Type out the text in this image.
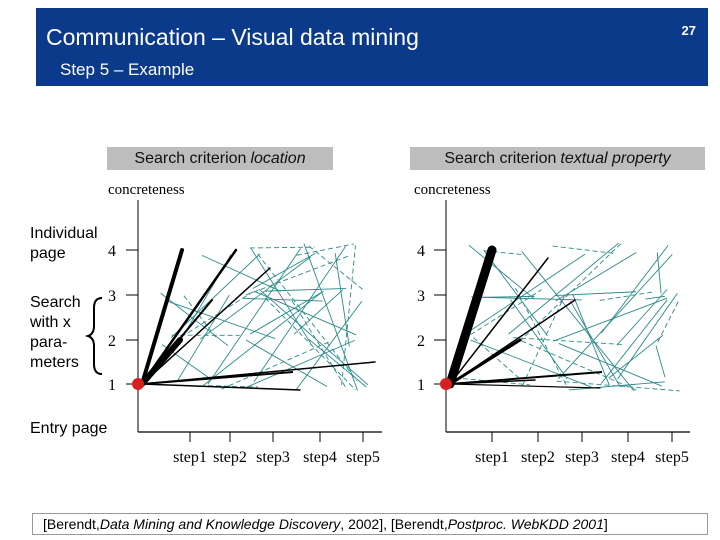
Communication – Visual data mining
Step 5 – Example
27
Search criterion location	Search criterion textual property
Individual
page
Search
with x
para-
meters
Entry page
concreteness
4
3
2
1
step1 step2 step3 step4 step5
concreteness
4
3
2
1
step1 step2 step3 step4 step5
[Berendt, Data Mining and Knowledge Discovery , 2002], [Berendt, Postproc. WebKDD 2001 ]
